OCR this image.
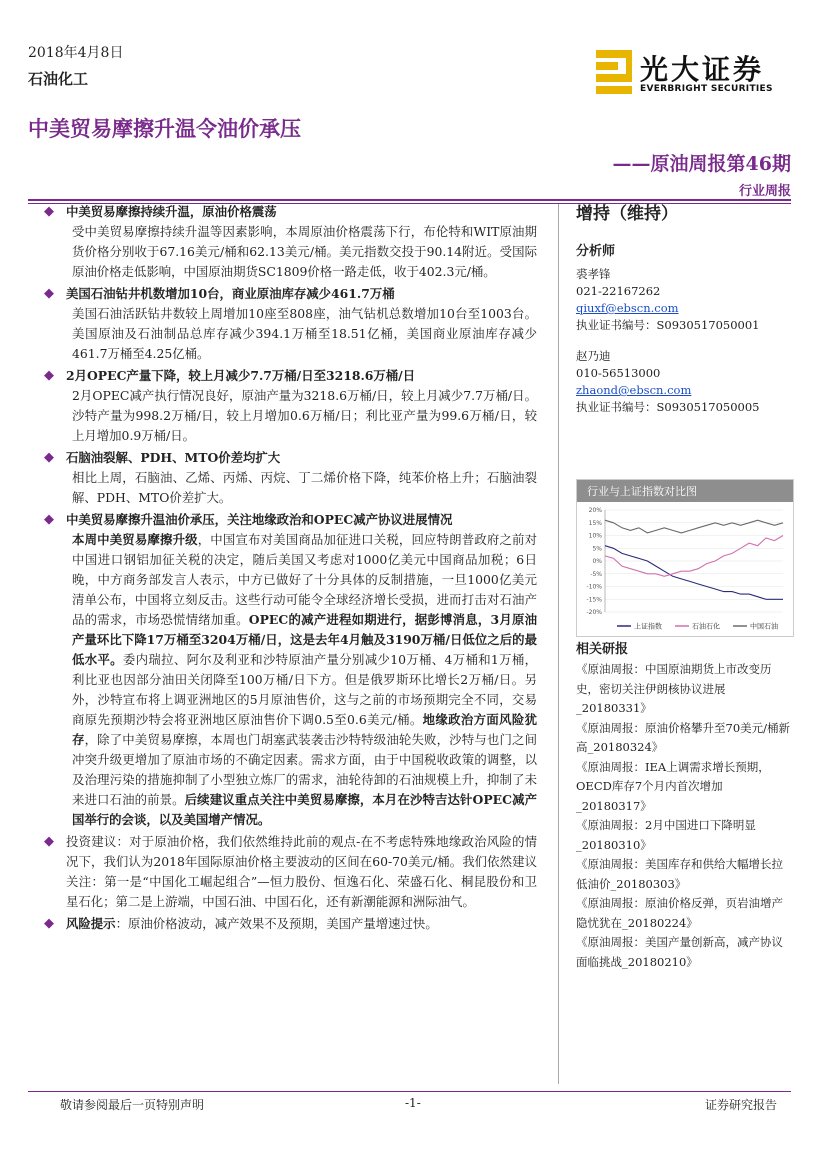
2018年4月8日
石油化工
中美贸易摩擦升温令油价承压
——原油周报第46期
行业周报
光大证券
EVERBRIGHT SECURITIES
◆ 中美贸易摩擦持续升温，原油价格震荡

受中美贸易摩擦持续升温等因素影响，本周原油价格震荡下行，布伦特和WIT原油期货价格分别收于67.16美元/桶和62.13美元/桶。美元指数交投于90.14附近。受国际原油价格走低影响，中国原油期货SC1809价格一路走低，收于402.3元/桶。

◆ 美国石油钻井机数增加10台，商业原油库存减少461.7万桶

美国石油活跃钻井数较上周增加10座至808座，油气钻机总数增加10台至1003台。美国原油及石油制品总库存减少394.1万桶至18.51亿桶，美国商业原油库存减少461.7万桶至4.25亿桶。

◆ 2月OPEC产量下降，较上月减少7.7万桶/日至3218.6万桶/日

2月OPEC减产执行情况良好，原油产量为3218.6万桶/日，较上月减少7.7万桶/日。沙特产量为998.2万桶/日，较上月增加0.6万桶/日；利比亚产量为99.6万桶/日，较上月增加0.9万桶/日。

◆ 石脑油裂解、PDH、MTO价差均扩大

相比上周，石脑油、乙烯、丙烯、丙烷、丁二烯价格下降，纯苯价格上升；石脑油裂解、PDH、MTO价差扩大。

◆ 中美贸易摩擦升温油价承压，关注地缘政治和OPEC减产协议进展情况

本周中美贸易摩擦升级，中国宣布对美国商品加征进口关税，回应特朗普政府之前对中国进口钢铝加征关税的决定，随后美国又考虑对1000亿美元中国商品加税；6日晚，中方商务部发言人表示，中方已做好了十分具体的反制措施，一旦1000亿美元清单公布，中国将立刻反击。这些行动可能令全球经济增长受损，进而打击对石油产品的需求，市场恐慌情绪加重。OPEC的减产进程如期进行，据彭博消息，3月原油产量环比下降17万桶至3204万桶/日，这是去年4月触及3190万桶/日低位之后的最低水平。委内瑞拉、阿尔及利亚和沙特原油产量分别减少10万桶、4万桶和1万桶，利比亚也因部分油田关闭降至100万桶/日下方。但是俄罗斯环比增长2万桶/日。另外，沙特宣布将上调亚洲地区的5月原油售价，这与之前的市场预期完全不同，交易商原先预期沙特会将亚洲地区原油售价下调0.5至0.6美元/桶。地缘政治方面风险犹存，除了中美贸易摩擦，本周也门胡塞武装袭击沙特特级油轮失败，沙特与也门之间冲突升级更增加了原油市场的不确定因素。需求方面，由于中国税收政策的调整，以及治理污染的措施抑制了小型独立炼厂的需求，油轮待卸的石油规模上升，抑制了未来进口石油的前景。后续建议重点关注中美贸易摩擦，本月在沙特吉达针OPEC减产国举行的会谈，以及美国增产情况。

◆ 投资建议：对于原油价格，我们依然维持此前的观点-在不考虑特殊地缘政治风险的情况下，我们认为2018年国际原油价格主要波动的区间在60-70美元/桶。我们依然建议关注：第一是“中国化工崛起组合”—恒力股份、恒逸石化、荣盛石化、桐昆股份和卫星石化；第二是上游端，中国石油、中国石化，还有新潮能源和洲际油气。
◆ 风险提示：原油价格波动，减产效果不及预期，美国产量增速过快。
增持（维持）
分析师
裘孝锋
021-22167262
qiuxf@ebscn.com
执业证书编号：S0930517050001
赵乃迪
010-56513000
zhaond@ebscn.com
执业证书编号：S0930517050005
行业与上证指数对比图
20%
15%
10%
5%
0%
-5%
-10%
-15%
-20%
上证指数	石油石化	中国石油
相关研报
《原油周报：中国原油期货上市改变历史，密切关注伊朗核协议进展_20180331》
《原油周报：原油价格攀升至70美元/桶新高_20180324》
《原油周报：IEA上调需求增长预期，OECD库存7个月内首次增加_20180317》
《原油周报：2月中国进口下降明显_20180310》
《原油周报：美国库存和供给大幅增长拉低油价_20180303》
《原油周报：原油价格反弹，页岩油增产隐忧犹在_20180224》
《原油周报：美国产量创新高，减产协议面临挑战_20180210》
敬请参阅最后一页特别声明	-1-	证券研究报告
